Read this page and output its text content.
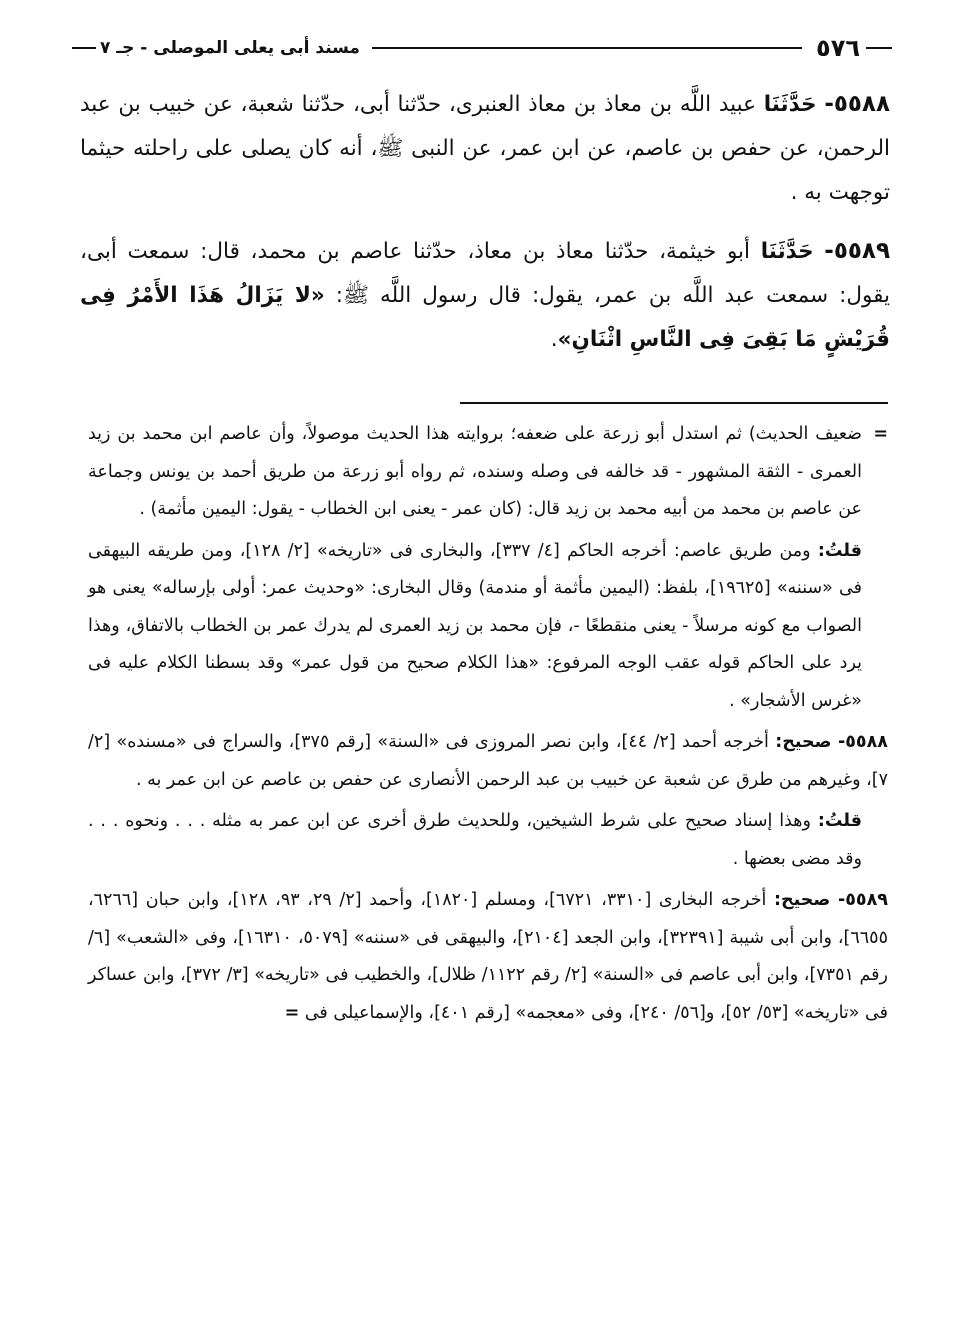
٥٧٦
مسند أبى يعلى الموصلى - جـ ٧

٥٥٨٨- حَدَّثَنَا عبيد اللَّه بن معاذ بن معاذ العنبرى، حدّثنا أبى، حدّثنا شعبة، عن خبيب بن عبد الرحمن، عن حفص بن عاصم، عن ابن عمر، عن النبى ﷺ، أنه كان يصلى على راحلته حيثما توجهت به .

٥٥٨٩- حَدَّثَنَا أبو خيثمة، حدّثنا معاذ بن معاذ، حدّثنا عاصم بن محمد، قال: سمعت أبى، يقول: سمعت عبد اللَّه بن عمر، يقول: قال رسول اللَّه ﷺ: «لا يَزَالُ هَذَا الأَمْرُ فِى قُرَيْشٍ مَا بَقِىَ فِى النَّاسِ اثْنَانِ».

=
ضعيف الحديث) ثم استدل أبو زرعة على ضعفه؛ بروايته هذا الحديث موصولاً، وأن عاصم ابن محمد بن زيد العمرى - الثقة المشهور - قد خالفه فى وصله وسنده، ثم رواه أبو زرعة من طريق أحمد بن يونس وجماعة عن عاصم بن محمد من أبيه محمد بن زيد قال: (كان عمر - يعنى ابن الخطاب - يقول: اليمين مأثمة) .

قلتُ: ومن طريق عاصم: أخرجه الحاكم [٤/ ٣٣٧]، والبخارى فى «تاريخه» [٢/ ١٢٨]، ومن طريقه البيهقى فى «سننه» [١٩٦٢٥]، بلفظ: (اليمين مأثمة أو مندمة) وقال البخارى: «وحديث عمر: أولى بإرساله» يعنى هو الصواب مع كونه مرسلاً - يعنى منقطعًا -، فإن محمد بن زيد العمرى لم يدرك عمر بن الخطاب بالاتفاق، وهذا يرد على الحاكم قوله عقب الوجه المرفوع: «هذا الكلام صحيح من قول عمر» وقد بسطنا الكلام عليه فى «غرس الأشجار» .

٥٥٨٨- صحيح: أخرجه أحمد [٢/ ٤٤]، وابن نصر المروزى فى «السنة» [رقم ٣٧٥]، والسراج فى «مسنده» [٢/ ٧]، وغيرهم من طرق عن شعبة عن خبيب بن عبد الرحمن الأنصارى عن حفص بن عاصم عن ابن عمر به .

قلتُ: وهذا إسناد صحيح على شرط الشيخين، وللحديث طرق أخرى عن ابن عمر به مثله . . . ونحوه . . . وقد مضى بعضها .

٥٥٨٩- صحيح: أخرجه البخارى [٣٣١٠، ٦٧٢١]، ومسلم [١٨٢٠]، وأحمد [٢/ ٢٩، ٩٣، ١٢٨]، وابن حبان [٦٢٦٦، ٦٦٥٥]، وابن أبى شيبة [٣٢٣٩١]، وابن الجعد [٢١٠٤]، والبيهقى فى «سننه» [٥٠٧٩، ١٦٣١٠]، وفى «الشعب» [٦/ رقم ٧٣٥١]، وابن أبى عاصم فى «السنة» [٢/ رقم ١١٢٢/ ظلال]، والخطيب فى «تاريخه» [٣/ ٣٧٢]، وابن عساكر فى «تاريخه» [٥٣/ ٥٢]، و[٥٦/ ٢٤٠]، وفى «معجمه» [رقم ٤٠١]، والإسماعيلى فى =
